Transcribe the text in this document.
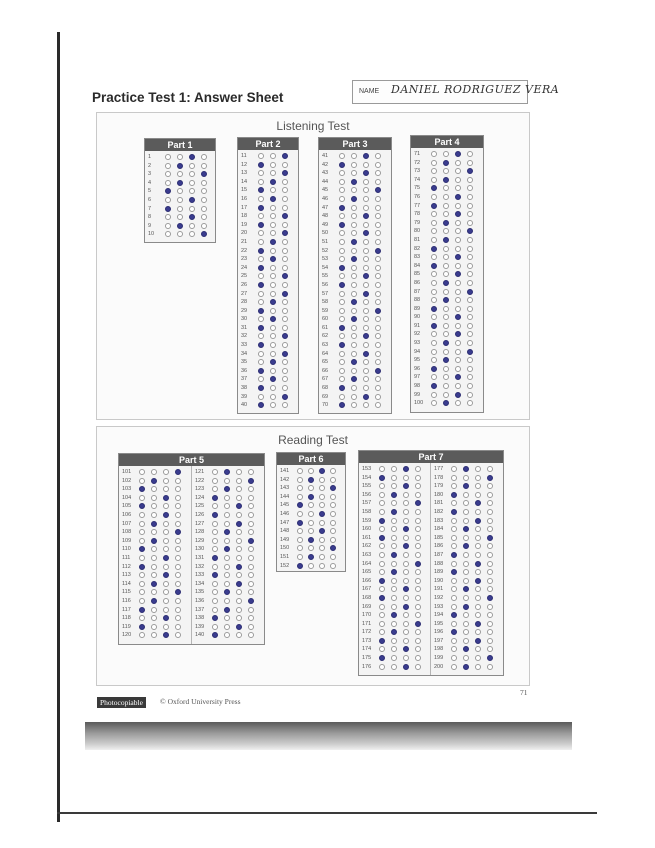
Practice Test 1: Answer Sheet	NAME DANIEL RODRIGUEZ VERA
Listening Test
Part 1
1
2
3
4
5
6
7
8
9
10
Part 2
11
12
13
14
15
16
17
18
19
20
21
22
23
24
25
26
27
28
29
30
31
32
33
34
35
36
37
38
39
40
Part 3
41
42
43
44
45
46
47
48
49
50
51
52
53
54
55
56
57
58
59
60
61
62
63
64
65
66
67
68
69
70
Part 4
71
72
73
74
75
76
77
78
79
80
81
82
83
84
85
86
87
88
89
90
91
92
93
94
95
96
97
98
99
100
Reading Test
Part 5
101
102
103
104
105
106
107
108
109
110
111
112
113
114
115
116
117
118
119
120
121
122
123
124
125
126
127
128
129
130
131
132
133
134
135
136
137
138
139
140
Part 6
141
142
143
144
145
146
147
148
149
150
151
152
Part 7
153
154
155
156
157
158
159
160
161
162
163
164
165
166
167
168
169
170
171
172
173
174
175
176
177
178
179
180
181
182
183
184
185
186
187
188
189
190
191
192
193
194
195
196
197
198
199
200
Photocopiable	© Oxford University Press
71
